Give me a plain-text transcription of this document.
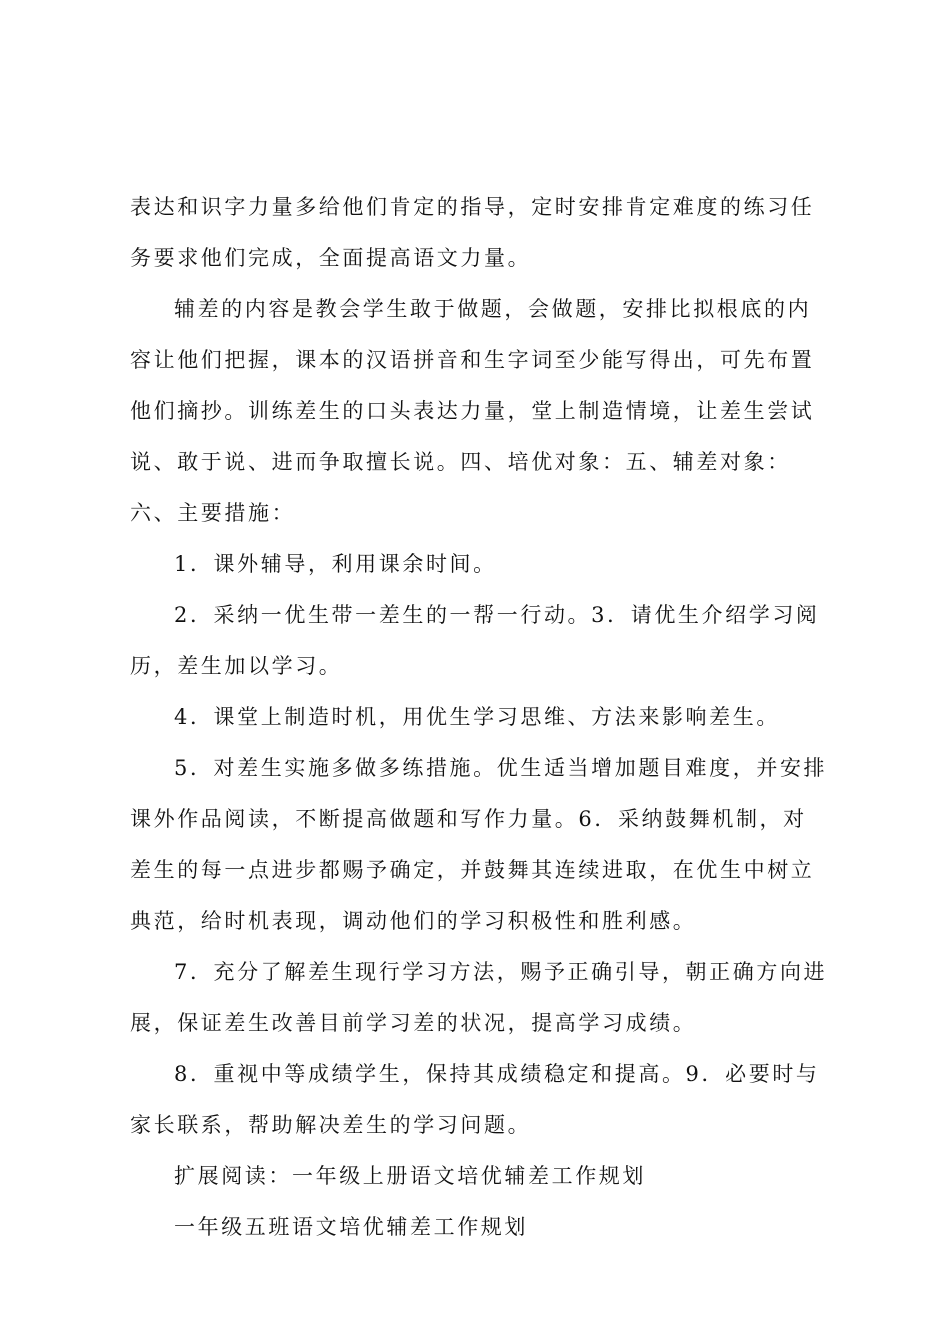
表达和识字力量多给他们肯定的指导，定时安排肯定难度的练习任务要求他们完成，全面提高语文力量。

辅差的内容是教会学生敢于做题，会做题，安排比拟根底的内容让他们把握，课本的汉语拼音和生字词至少能写得出，可先布置他们摘抄。训练差生的口头表达力量，堂上制造情境，让差生尝试说、敢于说、进而争取擅长说。四、培优对象：五、辅差对象：六、主要措施：

1．课外辅导，利用课余时间。

2．采纳一优生带一差生的一帮一行动。3．请优生介绍学习阅历，差生加以学习。

4．课堂上制造时机，用优生学习思维、方法来影响差生。

5．对差生实施多做多练措施。优生适当增加题目难度，并安排课外作品阅读，不断提高做题和写作力量。6．采纳鼓舞机制，对差生的每一点进步都赐予确定，并鼓舞其连续进取，在优生中树立典范，给时机表现，调动他们的学习积极性和胜利感。

7．充分了解差生现行学习方法，赐予正确引导，朝正确方向进展，保证差生改善目前学习差的状况，提高学习成绩。

8．重视中等成绩学生，保持其成绩稳定和提高。9．必要时与家长联系，帮助解决差生的学习问题。

扩展阅读：一年级上册语文培优辅差工作规划

一年级五班语文培优辅差工作规划
